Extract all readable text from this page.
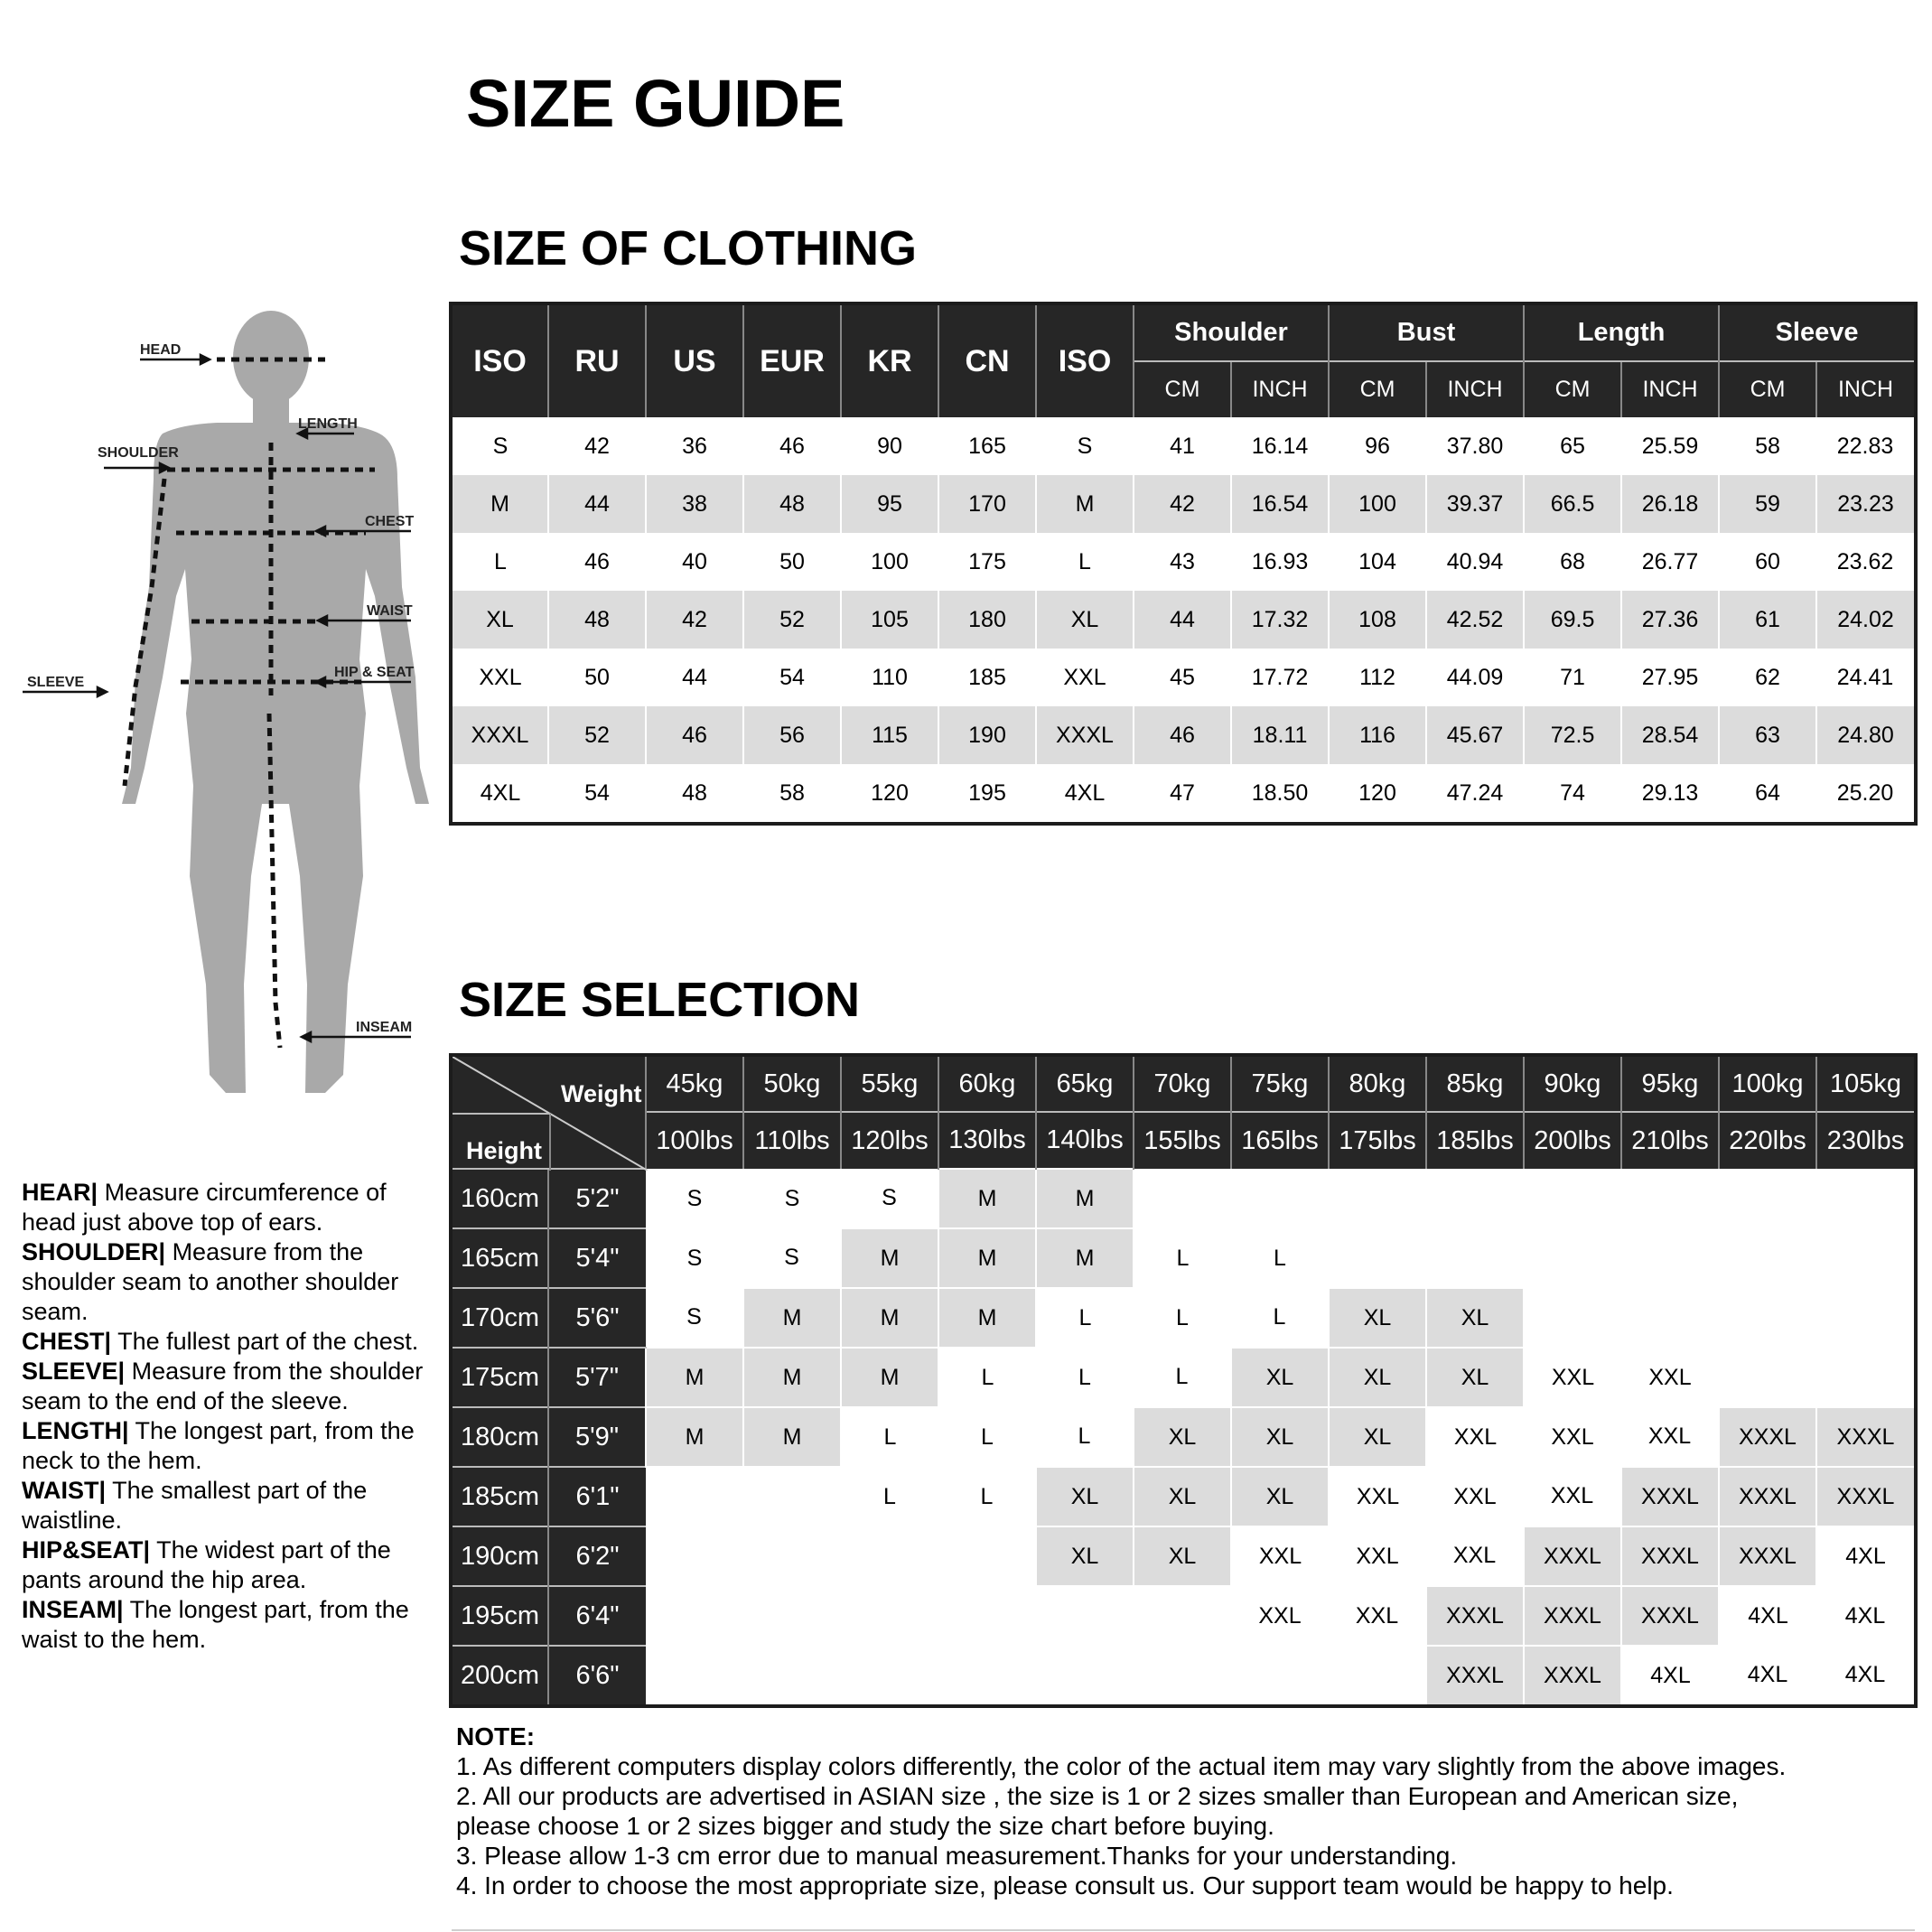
SIZE GUIDE
SIZE OF CLOTHING
ISO	RU	US	EUR	KR	CN	ISO	Shoulder		Bust		Length		Sleeve	
							CM	INCH	CM	INCH	CM	INCH	CM	INCH
S	42	36	46	90	165	S	41	16.14	96	37.80	65	25.59	58	22.83
M	44	38	48	95	170	M	42	16.54	100	39.37	66.5	26.18	59	23.23
L	46	40	50	100	175	L	43	16.93	104	40.94	68	26.77	60	23.62
XL	48	42	52	105	180	XL	44	17.32	108	42.52	69.5	27.36	61	24.02
XXL	50	44	54	110	185	XXL	45	17.72	112	44.09	71	27.95	62	24.41
XXXL	52	46	56	115	190	XXXL	46	18.11	116	45.67	72.5	28.54	63	24.80
4XL	54	48	58	120	195	4XL	47	18.50	120	47.24	74	29.13	64	25.20
SIZE SELECTION
Weight
Height		45kg	50kg	55kg	60kg	65kg	70kg	75kg	80kg	85kg	90kg	95kg	100kg	105kg
		100lbs	110lbs	120lbs	130lbs	140lbs	155lbs	165lbs	175lbs	185lbs	200lbs	210lbs	220lbs	230lbs
160cm	5'2"	S	S	S	M	M								
165cm	5'4"	S	S	M	M	M	L	L						
170cm	5'6"	S	M	M	M	L	L	L	XL	XL				
175cm	5'7"	M	M	M	L	L	L	XL	XL	XL	XXL	XXL		
180cm	5'9"	M	M	L	L	L	XL	XL	XL	XXL	XXL	XXL	XXXL	XXXL
185cm	6'1"			L	L	XL	XL	XL	XXL	XXL	XXL	XXXL	XXXL	XXXL
190cm	6'2"					XL	XL	XXL	XXL	XXL	XXXL	XXXL	XXXL	4XL
195cm	6'4"							XXL	XXL	XXXL	XXXL	XXXL	4XL	4XL
200cm	6'6"									XXXL	XXXL	4XL	4XL	4XL
HEAD
LENGTH
SHOULDER
CHEST
WAIST
HIP & SEAT
SLEEVE
INSEAM
HEAR| Measure circumference of head just above top of ears.
SHOULDER| Measure from the shoulder seam to another shoulder seam.
CHEST| The fullest part of the chest.
SLEEVE| Measure from the shoulder seam to the end of the sleeve.
LENGTH| The longest part, from the neck to the hem.
WAIST| The smallest part of the waistline.
HIP&SEAT| The widest part of the pants around the hip area.
INSEAM| The longest part, from the waist to the hem.
NOTE:
1. As different computers display colors differently, the color of the actual item may vary slightly from the above images.
2. All our products are advertised in ASIAN size , the size is 1 or 2 sizes smaller than European and American size,
please choose 1 or 2 sizes bigger and study the size chart before buying.
3. Please allow 1-3 cm error due to manual measurement.Thanks for your understanding.
4. In order to choose the most appropriate size, please consult us. Our support team would be happy to help.
